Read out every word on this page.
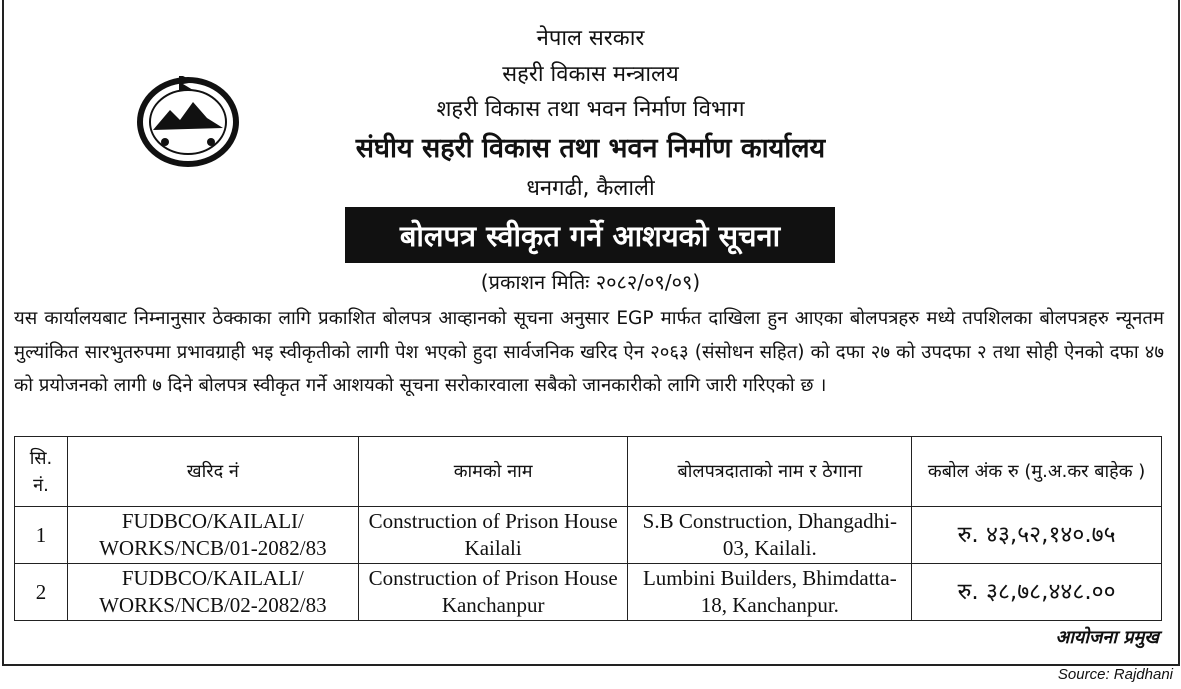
नेपाल सरकार
सहरी विकास मन्त्रालय
शहरी विकास तथा भवन निर्माण विभाग
संघीय सहरी विकास तथा भवन निर्माण कार्यालय
धनगढी, कैलाली
बोलपत्र स्वीकृत गर्ने आशयको सूचना
(प्रकाशन मितिः २०८२/०९/०९)
यस कार्यालयबाट निम्नानुसार ठेक्काका लागि प्रकाशित बोलपत्र आव्हानको सूचना अनुसार EGP मार्फत दाखिला हुन आएका बोलपत्रहरु मध्ये तपशिलका बोलपत्रहरु न्यूनतम मुल्यांकित सारभुतरुपमा प्रभावग्राही भइ स्वीकृतीको लागी पेश भएको हुदा सार्वजनिक खरिद ऐन २०६३ (संसोधन सहित) को दफा २७ को उपदफा २ तथा सोही ऐनको दफा ४७ को प्रयोजनको लागी ७ दिने बोलपत्र स्वीकृत गर्ने आशयको सूचना सरोकारवाला सबैको जानकारीको लागि जारी गरिएको छ ।
सि. नं.	खरिद नं	कामको नाम	बोलपत्रदाताको नाम र ठेगाना	कबोल अंक रु (मु.अ.कर बाहेक )
1	FUDBCO/KAILALI/ WORKS/NCB/01-2082/83	Construction of Prison House Kailali	S.B Construction, Dhangadhi-03, Kailali.	रु. ४३,५२,१४०.७५
2	FUDBCO/KAILALI/ WORKS/NCB/02-2082/83	Construction of Prison House Kanchanpur	Lumbini Builders, Bhimdatta-18, Kanchanpur.	रु. ३८,७८,४४८.००
आयोजना प्रमुख
Source: Rajdhani
